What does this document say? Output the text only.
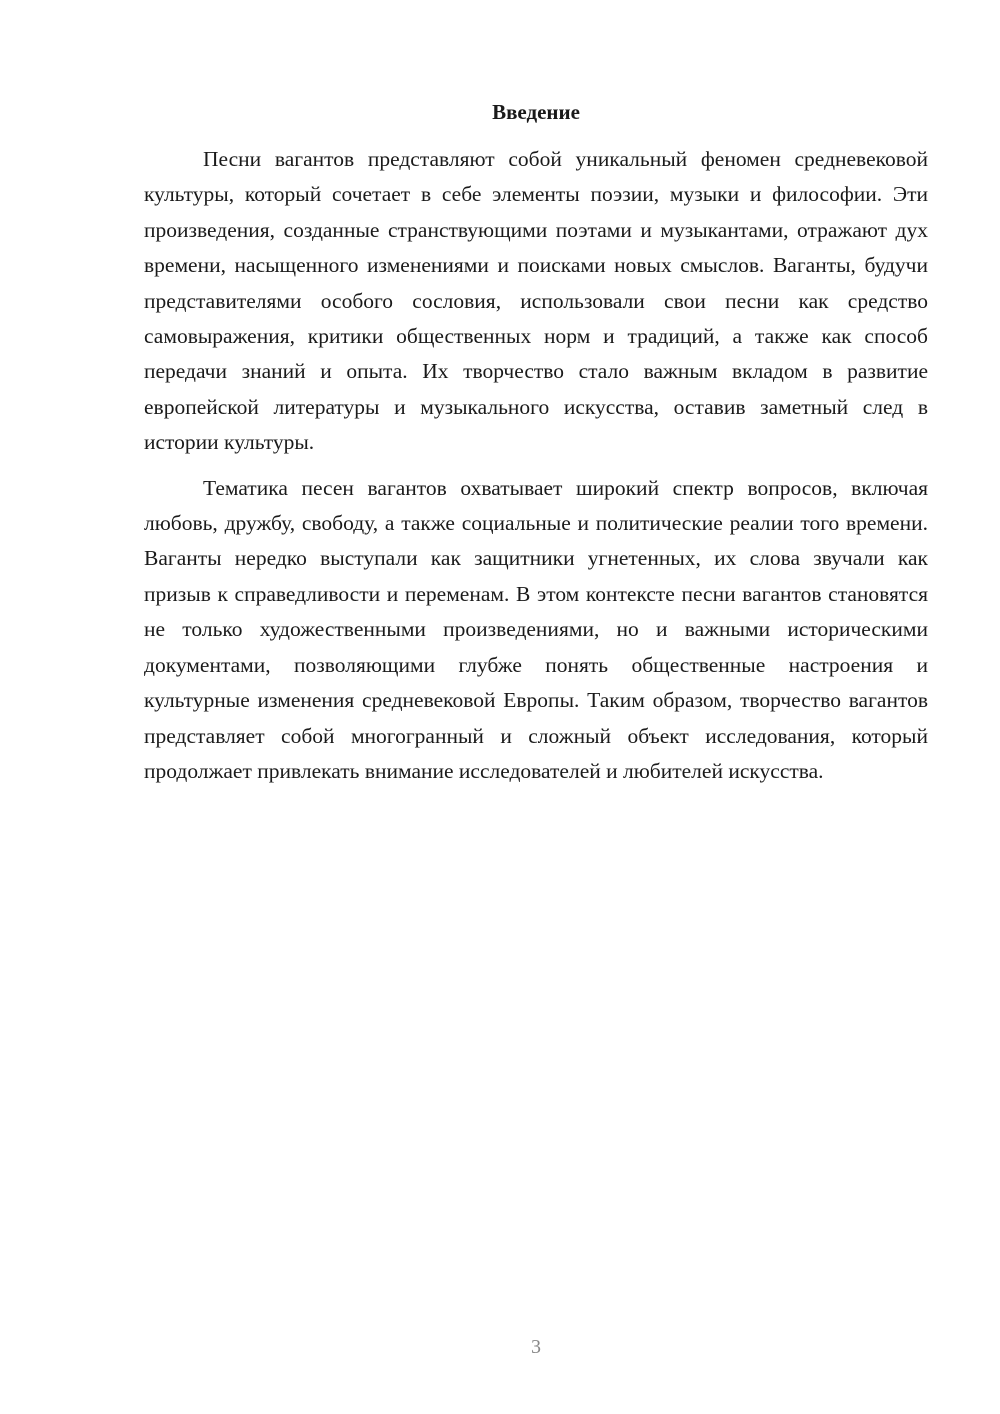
Введение

Песни вагантов представляют собой уникальный феномен средневековой культуры, который сочетает в себе элементы поэзии, музыки и философии. Эти произведения, созданные странствующими поэтами и музыкантами, отражают дух времени, насыщенного изменениями и поисками новых смыслов. Ваганты, будучи представителями особого сословия, использовали свои песни как средство самовыражения, критики общественных норм и традиций, а также как способ передачи знаний и опыта. Их творчество стало важным вкладом в развитие европейской литературы и музыкального искусства, оставив заметный след в истории культуры.

Тематика песен вагантов охватывает широкий спектр вопросов, включая любовь, дружбу, свободу, а также социальные и политические реалии того времени. Ваганты нередко выступали как защитники угнетенных, их слова звучали как призыв к справедливости и переменам. В этом контексте песни вагантов становятся не только художественными произведениями, но и важными историческими документами, позволяющими глубже понять общественные настроения и культурные изменения средневековой Европы. Таким образом, творчество вагантов представляет собой многогранный и сложный объект исследования, который продолжает привлекать внимание исследователей и любителей искусства.

3
